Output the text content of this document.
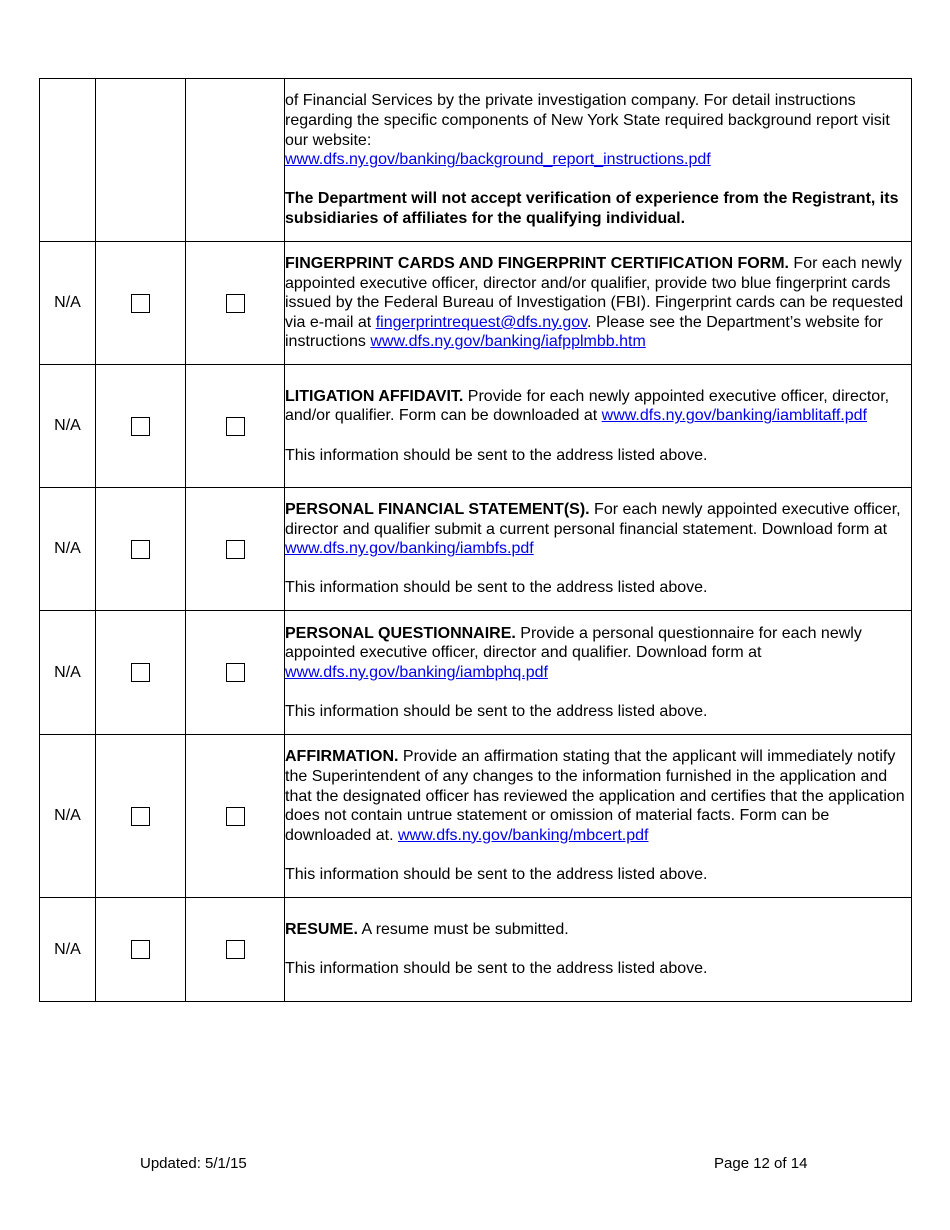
			of Financial Services by the private investigation company. For detail instructions regarding the specific components of New York State required background report visit our website:

www.dfs.ny.gov/banking/background_report_instructions.pdf

The Department will not accept verification of experience from the Registrant, its subsidiaries of affiliates for the qualifying individual.

N/A			FINGERPRINT CARDS AND FINGERPRINT CERTIFICATION FORM. For each newly appointed executive officer, director and/or qualifier, provide two blue fingerprint cards issued by the Federal Bureau of Investigation (FBI). Fingerprint cards can be requested via e-mail at fingerprintrequest@dfs.ny.gov. Please see the Department’s website for instructions www.dfs.ny.gov/banking/iafpplmbb.htm

N/A			LITIGATION AFFIDAVIT. Provide for each newly appointed executive officer, director, and/or qualifier. Form can be downloaded at www.dfs.ny.gov/banking/iamblitaff.pdf

This information should be sent to the address listed above.

N/A			PERSONAL FINANCIAL STATEMENT(S). For each newly appointed executive officer, director and qualifier submit a current personal financial statement. Download form at www.dfs.ny.gov/banking/iambfs.pdf

This information should be sent to the address listed above.

N/A			PERSONAL QUESTIONNAIRE. Provide a personal questionnaire for each newly appointed executive officer, director and qualifier. Download form at www.dfs.ny.gov/banking/iambphq.pdf

This information should be sent to the address listed above.

N/A			AFFIRMATION. Provide an affirmation stating that the applicant will immediately notify the Superintendent of any changes to the information furnished in the application and that the designated officer has reviewed the application and certifies that the application does not contain untrue statement or omission of material facts. Form can be downloaded at. www.dfs.ny.gov/banking/mbcert.pdf

This information should be sent to the address listed above.

N/A			RESUME. A resume must be submitted.

This information should be sent to the address listed above.

Updated: 5/1/15	Page 12 of 14
